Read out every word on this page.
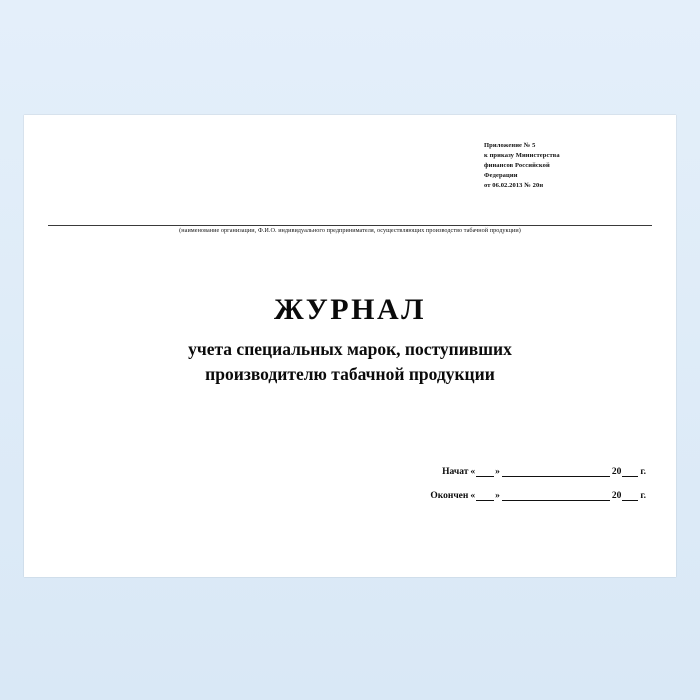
Приложение № 5
к приказу Министерства
финансов Российской
Федерации
от 06.02.2013 № 20н
(наименование организации, Ф.И.О. индивидуального предпринимателя, осуществляющих производство табачной продукции)
ЖУРНАЛ
учета специальных марок, поступивших
производителю табачной продукции
Начат « »	20 г.
Окончен « »	20 г.
